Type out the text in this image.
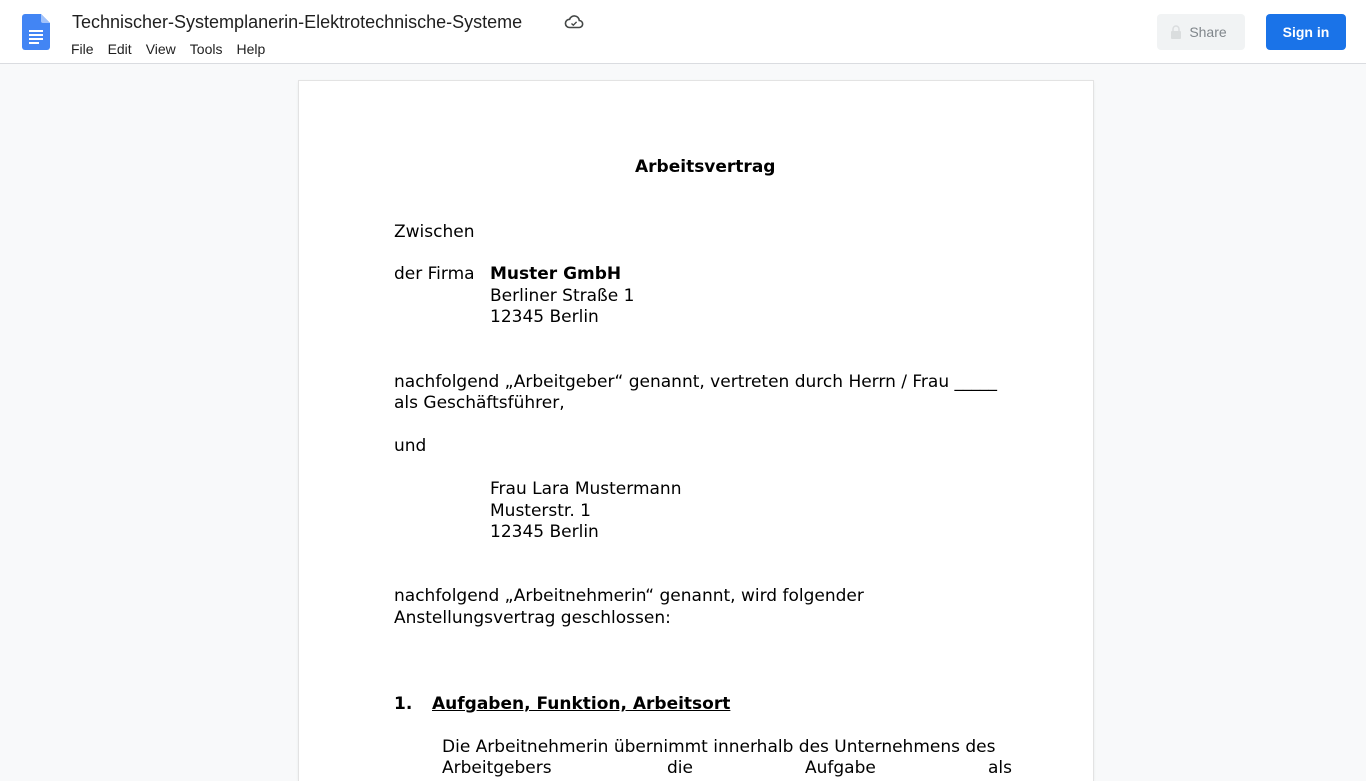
Technischer-Systemplanerin-Elektrotechnische-Systeme
File	Edit	View	Tools	Help
Share	Sign in
Arbeitsvertrag
Zwischen
der Firma Muster GmbH
Berliner Straße 1
12345 Berlin
nachfolgend „Arbeitgeber“ genannt, vertreten durch Herrn / Frau _____
als Geschäftsführer,
und
Frau Lara Mustermann
Musterstr. 1
12345 Berlin
nachfolgend „Arbeitnehmerin“ genannt, wird folgender
Anstellungsvertrag geschlossen:
1. Aufgaben, Funktion, Arbeitsort
Die Arbeitnehmerin übernimmt innerhalb des Unternehmens des
Arbeitgebers	die	Aufgabe	als
